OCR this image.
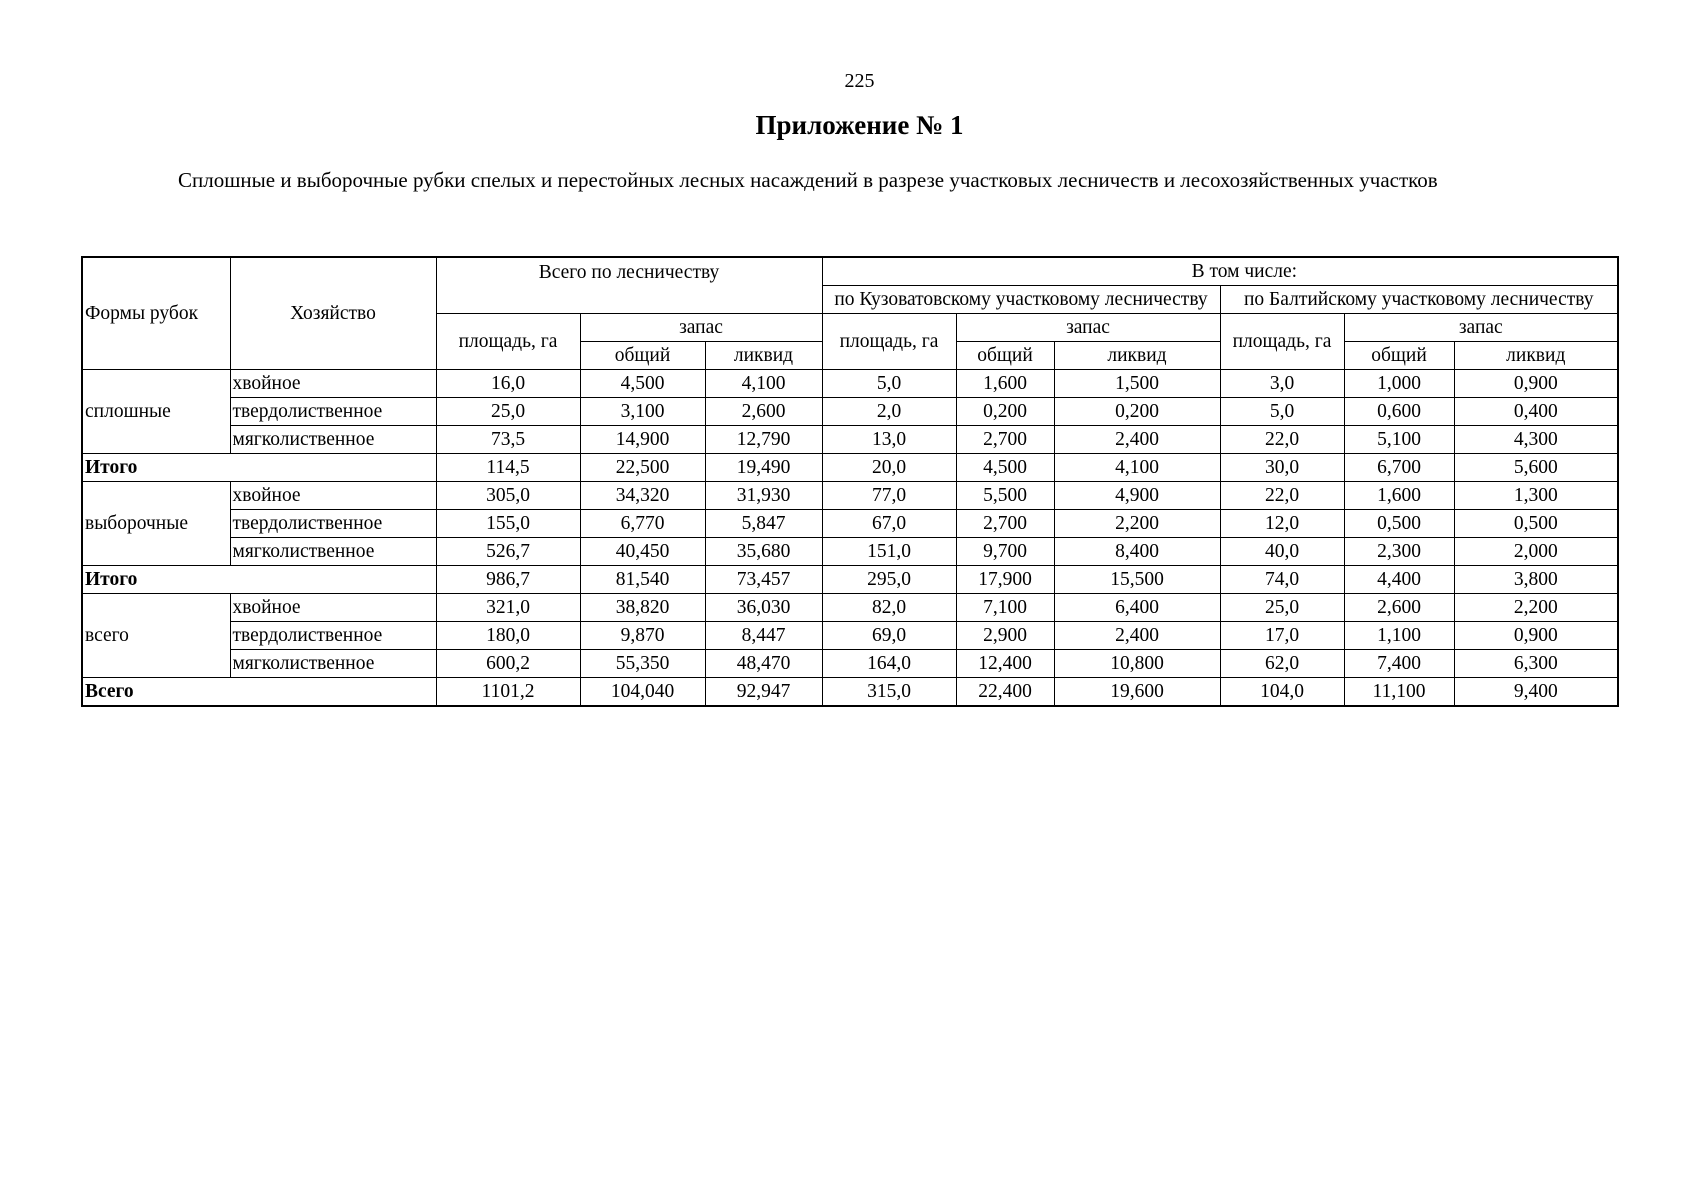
225
Приложение № 1
Сплошные и выборочные рубки спелых и перестойных лесных насаждений в разрезе участковых лесничеств и лесохозяйственных участков
Формы рубок	Хозяйство	Всего по лесничеству			В том числе:					
					по Кузоватовскому участковому лесничеству			по Балтийскому участковому лесничеству		
		площадь, га	запас		площадь, га	запас		площадь, га	запас	
			общий	ликвид		общий	ликвид		общий	ликвид
сплошные	хвойное	16,0	4,500	4,100	5,0	1,600	1,500	3,0	1,000	0,900
	твердолиственное	25,0	3,100	2,600	2,0	0,200	0,200	5,0	0,600	0,400
	мягколиственное	73,5	14,900	12,790	13,0	2,700	2,400	22,0	5,100	4,300
Итого		114,5	22,500	19,490	20,0	4,500	4,100	30,0	6,700	5,600
выборочные	хвойное	305,0	34,320	31,930	77,0	5,500	4,900	22,0	1,600	1,300
	твердолиственное	155,0	6,770	5,847	67,0	2,700	2,200	12,0	0,500	0,500
	мягколиственное	526,7	40,450	35,680	151,0	9,700	8,400	40,0	2,300	2,000
Итого		986,7	81,540	73,457	295,0	17,900	15,500	74,0	4,400	3,800
всего	хвойное	321,0	38,820	36,030	82,0	7,100	6,400	25,0	2,600	2,200
	твердолиственное	180,0	9,870	8,447	69,0	2,900	2,400	17,0	1,100	0,900
	мягколиственное	600,2	55,350	48,470	164,0	12,400	10,800	62,0	7,400	6,300
Всего		1101,2	104,040	92,947	315,0	22,400	19,600	104,0	11,100	9,400
